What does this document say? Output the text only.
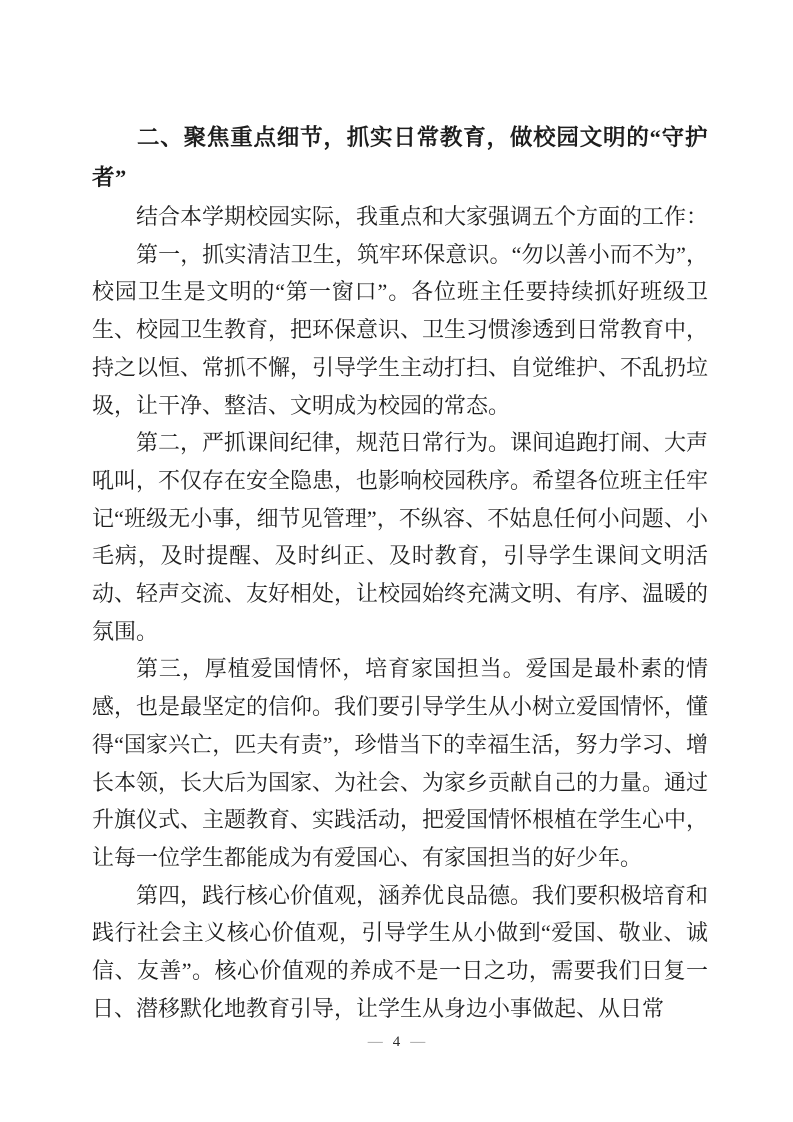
二、聚焦重点细节，抓实日常教育，做校园文明的“守护者”

结合本学期校园实际，我重点和大家强调五个方面的工作：

第一，抓实清洁卫生，筑牢环保意识。“勿以善小而不为”，校园卫生是文明的“第一窗口”。各位班主任要持续抓好班级卫生、校园卫生教育，把环保意识、卫生习惯渗透到日常教育中，持之以恒、常抓不懈，引导学生主动打扫、自觉维护、不乱扔垃圾，让干净、整洁、文明成为校园的常态。

第二，严抓课间纪律，规范日常行为。课间追跑打闹、大声吼叫，不仅存在安全隐患，也影响校园秩序。希望各位班主任牢记“班级无小事，细节见管理”，不纵容、不姑息任何小问题、小毛病，及时提醒、及时纠正、及时教育，引导学生课间文明活动、轻声交流、友好相处，让校园始终充满文明、有序、温暖的氛围。

第三，厚植爱国情怀，培育家国担当。爱国是最朴素的情感，也是最坚定的信仰。我们要引导学生从小树立爱国情怀，懂得“国家兴亡，匹夫有责”，珍惜当下的幸福生活，努力学习、增长本领，长大后为国家、为社会、为家乡贡献自己的力量。通过升旗仪式、主题教育、实践活动，把爱国情怀根植在学生心中，让每一位学生都能成为有爱国心、有家国担当的好少年。

第四，践行核心价值观，涵养优良品德。我们要积极培育和践行社会主义核心价值观，引导学生从小做到“爱国、敬业、诚信、友善”。核心价值观的养成不是一日之功，需要我们日复一日、潜移默化地教育引导，让学生从身边小事做起、从日常

— 4 —
